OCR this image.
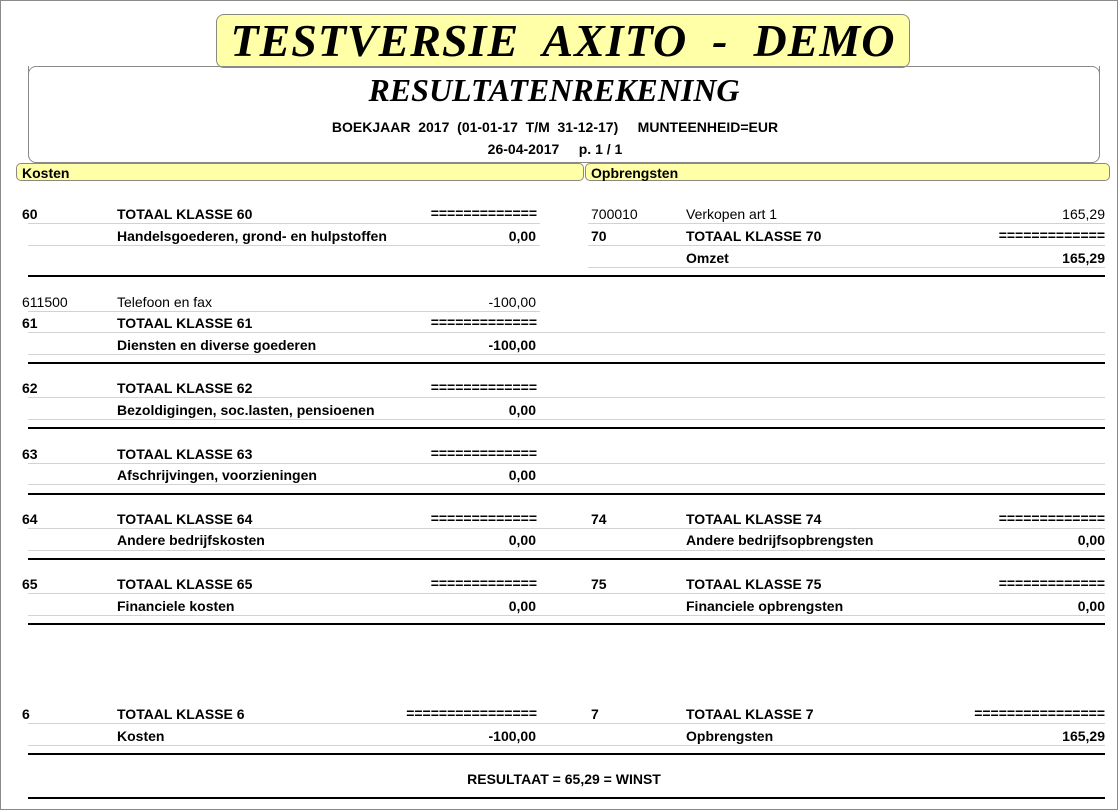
TESTVERSIE  AXITO  -  DEMO
RESULTATENREKENING
BOEKJAAR  2017  (01-01-17  T/M  31-12-17)     MUNTEENHEID=EUR
26-04-2017     p. 1 / 1
Kosten	Opbrengsten
60	TOTAAL KLASSE 60	=============
Handelsgoederen, grond- en hulpstoffen	0,00
700010	Verkopen art 1	165,29
70	TOTAAL KLASSE 70	=============
Omzet	165,29
611500	Telefoon en fax	-100,00
61	TOTAAL KLASSE 61	=============
Diensten en diverse goederen	-100,00
62	TOTAAL KLASSE 62	=============
Bezoldigingen, soc.lasten, pensioenen	0,00
63	TOTAAL KLASSE 63	=============
Afschrijvingen, voorzieningen	0,00
64	TOTAAL KLASSE 64	=============	74	TOTAAL KLASSE 74	=============
Andere bedrijfskosten	0,00	Andere bedrijfsopbrengsten	0,00
65	TOTAAL KLASSE 65	=============	75	TOTAAL KLASSE 75	=============
Financiele kosten	0,00	Financiele opbrengsten	0,00
6	TOTAAL KLASSE 6	================	7	TOTAAL KLASSE 7	================
Kosten	-100,00	Opbrengsten	165,29
RESULTAAT = 65,29 = WINST
